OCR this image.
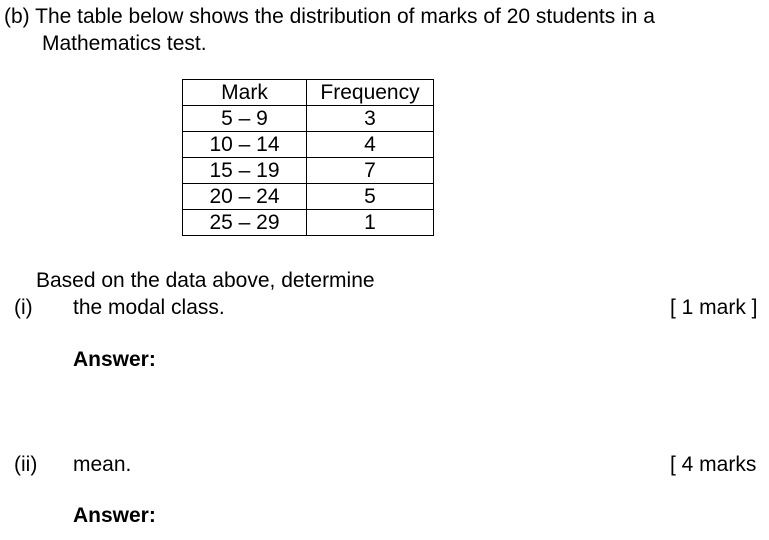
(b) The table below shows the distribution of marks of 20 students in a
Mathematics test.
Mark	Frequency
5 – 9	3
10 – 14	4
15 – 19	7
20 – 24	5
25 – 29	1
Based on the data above, determine
(i) the modal class.	[ 1 mark ]
Answer:
(ii) mean.	[ 4 marks
Answer:
